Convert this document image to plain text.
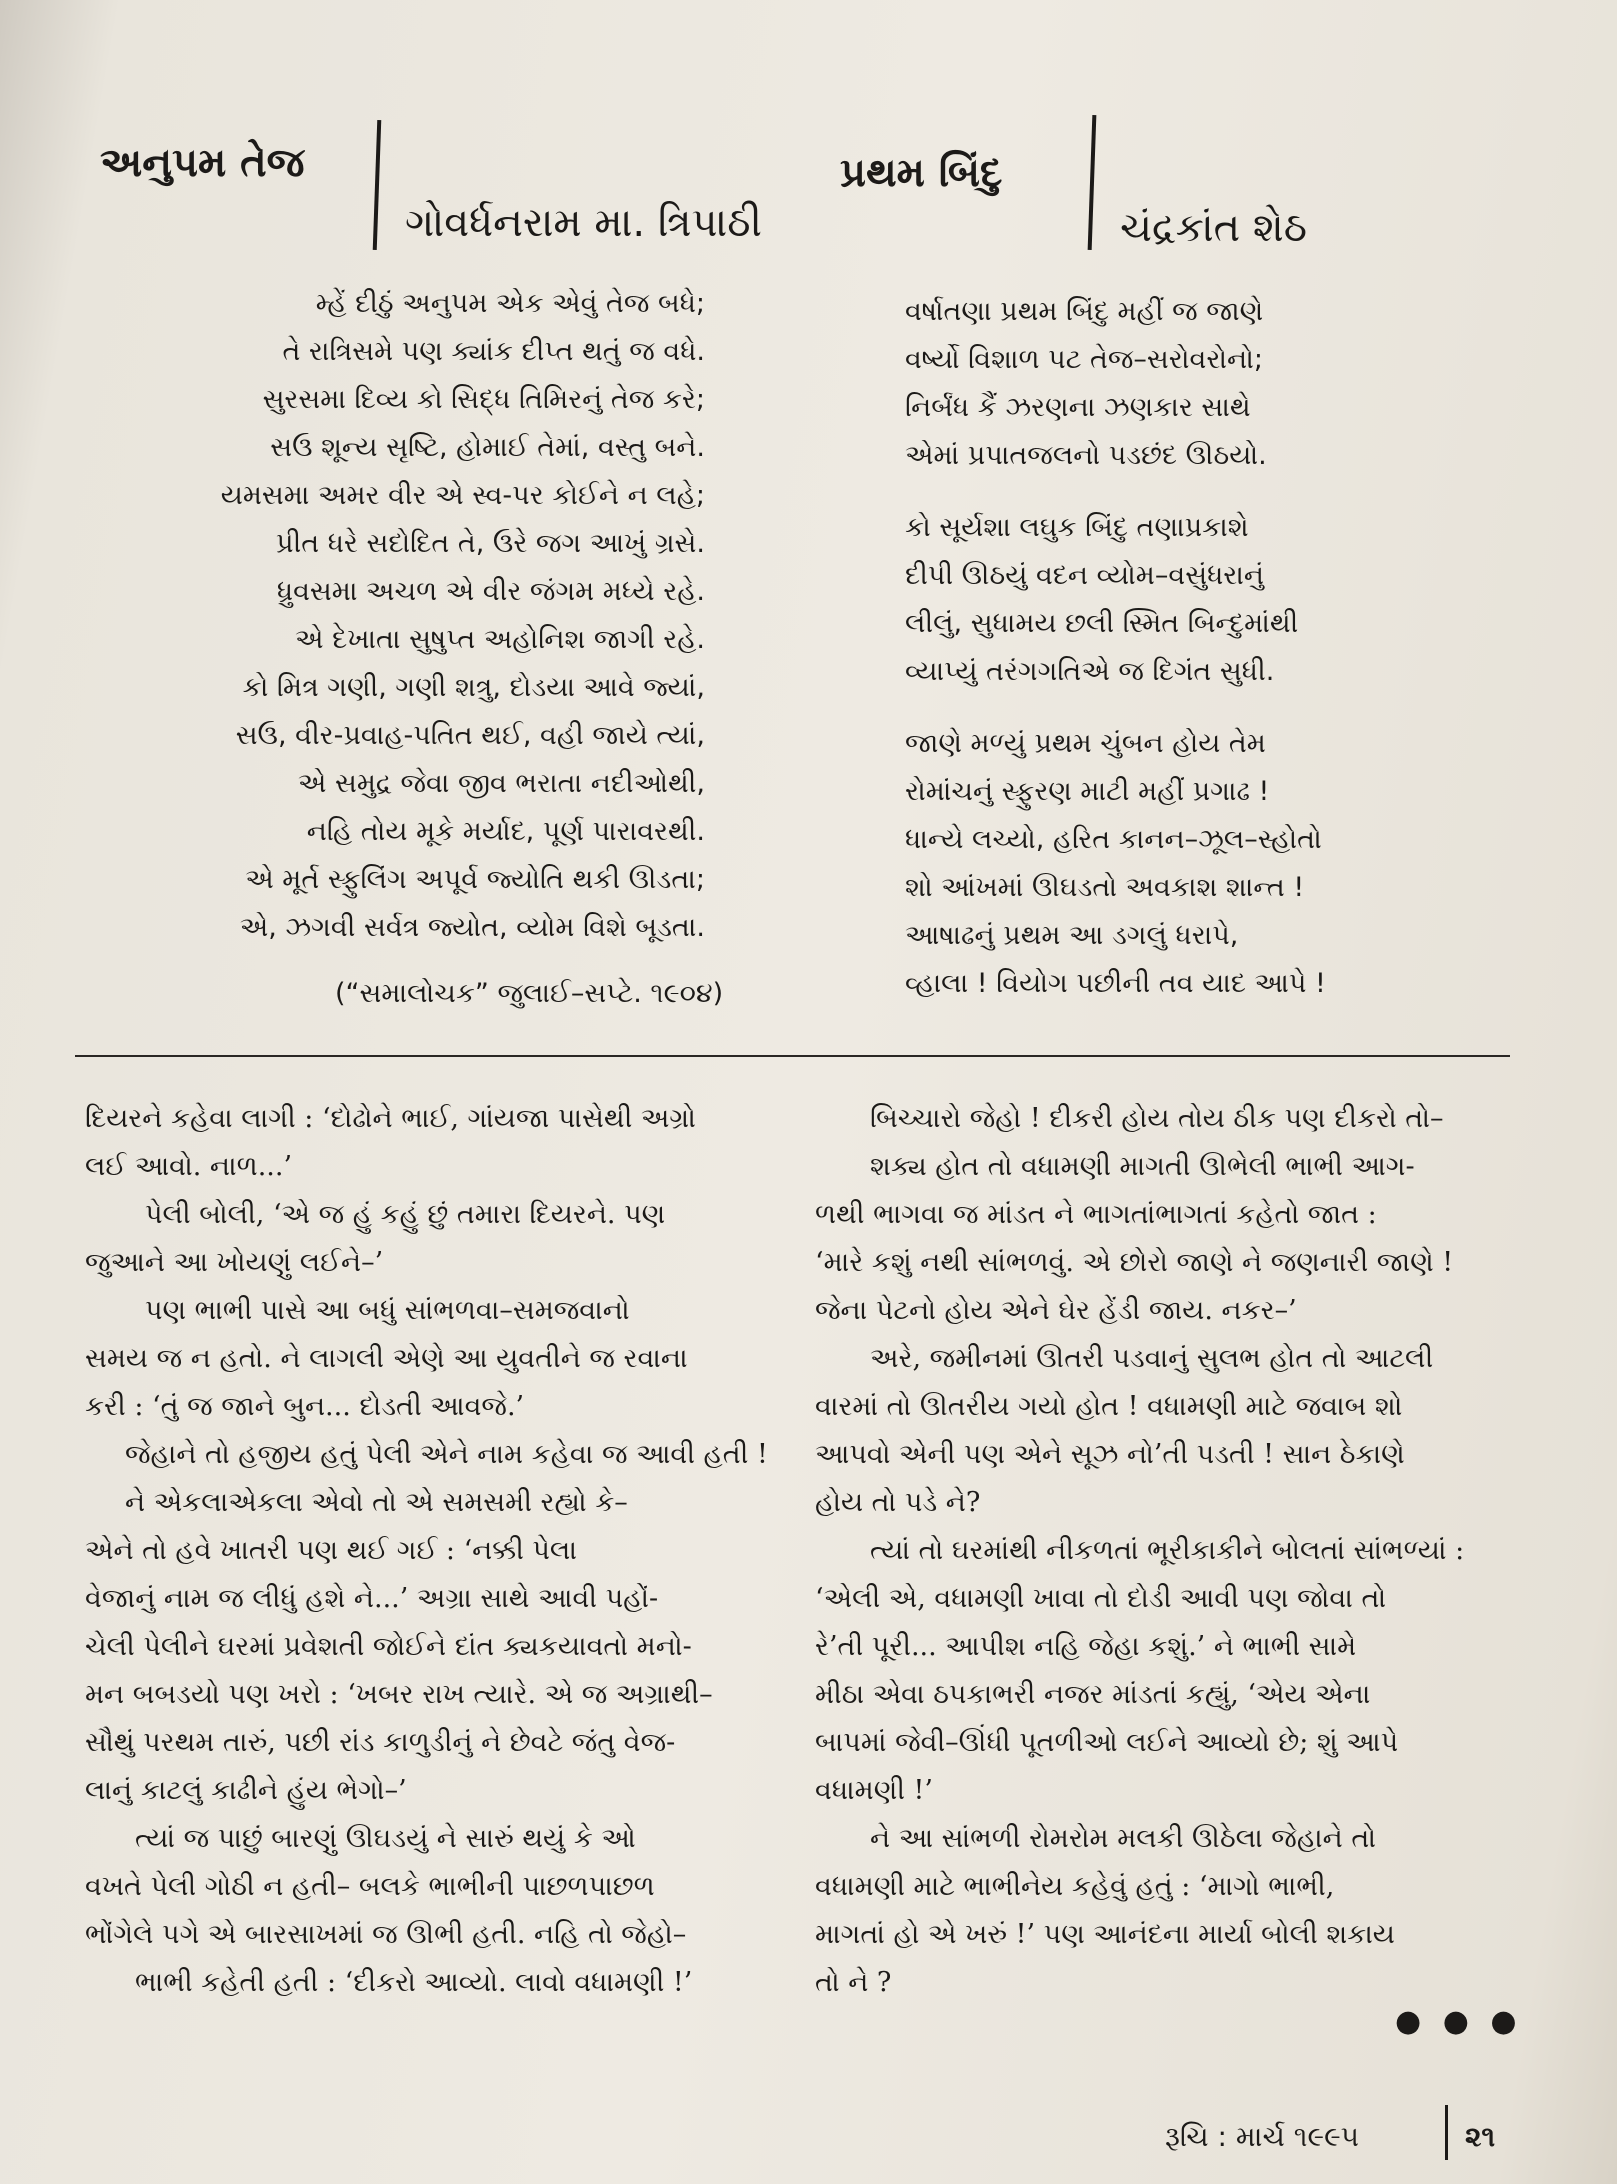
અનુપમ તેજ
ગોવર્ધનરામ મા. ત્રિપાઠી
પ્રથમ બિંદુ
ચંદ્રકાંત શેઠ
મ્હેં દીઠું અનુપમ એક એવું તેજ બધે;
તે રાત્રિસમે પણ ક્યાંક દીપ્ત થતું જ વધે.
સુરસમા દિવ્ય કો સિદ્ધ તિમિરનું તેજ કરે;
સઉ શૂન્ય સૃષ્ટિ, હોમાઈ તેમાં, વસ્તુ બને.
યમસમા અમર વીર એ સ્વ-પર કોઈને ન લહે;
પ્રીત ધરે સદોદિત તે, ઉરે જગ આખું ગ્રસે.
ધ્રુવસમા અચળ એ વીર જંગમ મધ્યે રહે.
એ દેખાતા સુષુપ્ત અહોનિશ જાગી રહે.
કો મિત્ર ગણી, ગણી શત્રુ, દોડયા આવે જ્યાં,
સઉ, વીર-પ્રવાહ-પતિત થઈ, વહી જાયે ત્યાં,
એ સમુદ્ર જેવા જીવ ભરાતા નદીઓથી,
નહિ તોય મૂકે મર્યાદ, પૂર્ણ પારાવરથી.
એ મૂર્ત સ્ફુલિંગ અપૂર્વ જ્યોતિ થકી ઊડતા;
એ, ઝગવી સર્વત્ર જ્યોત, વ્યોમ વિશે બૂડતા.
(“સમાલોચક” જુલાઈ–સપ્ટે. ૧૯૦૪)
વર્ષાતણા પ્રથમ બિંદુ મહીં જ જાણે
વર્ષ્યો વિશાળ પટ તેજ–સરોવરોનો;
નિર્બંધ કૈં ઝરણના ઝણકાર સાથે
એમાં પ્રપાતજલનો પડછંદ ઊઠયો.
કો સૂર્યશા લઘુક બિંદુ તણાપ્રકાશે
દીપી ઊઠયું વદન વ્યોમ–વસુંધરાનું
લીલું, સુધામય છલી સ્મિત બિન્દુમાંથી
વ્યાપ્યું તરંગગતિએ જ દિગંત સુધી.
જાણે મળ્યું પ્રથમ ચુંબન હોય તેમ
રોમાંચનું સ્ફુરણ માટી મહીં પ્રગાઢ !
ધાન્યે લચ્યો, હરિત કાનન–ઝૂલ–સ્હોતો
શો આંખમાં ઊઘડતો અવકાશ શાન્ત !
આષાઢનું પ્રથમ આ ડગલું ધરાપે,
વ્હાલા ! વિયોગ પછીની તવ યાદ આપે !
દિયરને કહેવા લાગી : ‘દોઢોને ભાઈ, ગાંયજા પાસેથી અગ્રો
લઈ આવો. નાળ...’
પેલી બોલી, ‘એ જ હું કહું છું તમારા દિયરને. પણ
જુઆને આ ખોયણું લઈને–’
પણ ભાભી પાસે આ બધું સાંભળવા–સમજવાનો
સમય જ ન હતો. ને લાગલી એણે આ યુવતીને જ રવાના
કરી : ‘તું જ જાને બુન... દોડતી આવજે.’
જેહાને તો હજીય હતું પેલી એને નામ કહેવા જ આવી હતી !
ને એકલાએકલા એવો તો એ સમસમી રહ્યો કે–
એને તો હવે ખાતરી પણ થઈ ગઈ : ‘નક્કી પેલા
વેજાનું નામ જ લીધું હશે ને...’ અગ્રા સાથે આવી પહોં-
ચેલી પેલીને ઘરમાં પ્રવેશતી જોઈને દાંત ક્યકયાવતો મનો-
મન બબડયો પણ ખરો : ‘ખબર રાખ ત્યારે. એ જ અગ્રાથી–
સૌથું પરથમ તારું, પછી રાંડ કાળુડીનું ને છેવટે જંતુ વેજ-
લાનું કાટલું કાઢીને હુંય ભેગો–’
ત્યાં જ પાછું બારણું ઊઘડયું ને સારું થયું કે ઓ
વખતે પેલી ગોઠી ન હતી– બલકે ભાભીની પાછળપાછળ
ભોંગેલે પગે એ બારસાખમાં જ ઊભી હતી. નહિ તો જેહો–
ભાભી કહેતી હતી : ‘દીકરો આવ્યો. લાવો વધામણી !’
બિચ્ચારો જેહો ! દીકરી હોય તોય ઠીક પણ દીકરો તો–
શક્ય હોત તો વધામણી માગતી ઊભેલી ભાભી આગ-
ળથી ભાગવા જ માંડત ને ભાગતાંભાગતાં કહેતો જાત :
‘મારે કશું નથી સાંભળવું. એ છોરો જાણે ને જણનારી જાણે !
જેના પેટનો હોય એને ઘેર હેંડી જાય. નકર–’
અરે, જમીનમાં ઊતરી પડવાનું સુલભ હોત તો આટલી
વારમાં તો ઊતરીય ગયો હોત ! વધામણી માટે જવાબ શો
આપવો એની પણ એને સૂઝ નો’તી પડતી ! સાન ઠેકાણે
હોય તો પડે ને?
ત્યાં તો ઘરમાંથી નીકળતાં ભૂરીકાકીને બોલતાં સાંભળ્યાં :
‘એલી એ, વધામણી ખાવા તો દોડી આવી પણ જોવા તો
રે’તી પૂરી... આપીશ નહિ જેહા કશું.’ ને ભાભી સામે
મીઠા એવા ઠપકાભરી નજર માંડતાં કહ્યું, ‘એય એના
બાપમાં જેવી–ઊંધી પૂતળીઓ લઈને આવ્યો છે; શું આપે
વધામણી !’
ને આ સાંભળી રોમરોમ મલકી ઊઠેલા જેહાને તો
વધામણી માટે ભાભીનેય કહેવું હતું : ‘માગો ભાભી,
માગતાં હો એ ખરું !’ પણ આનંદના માર્યા બોલી શકાય
તો ને ?
● ● ●
રૂચિ : માર્ચ ૧૯૯૫	૨૧
